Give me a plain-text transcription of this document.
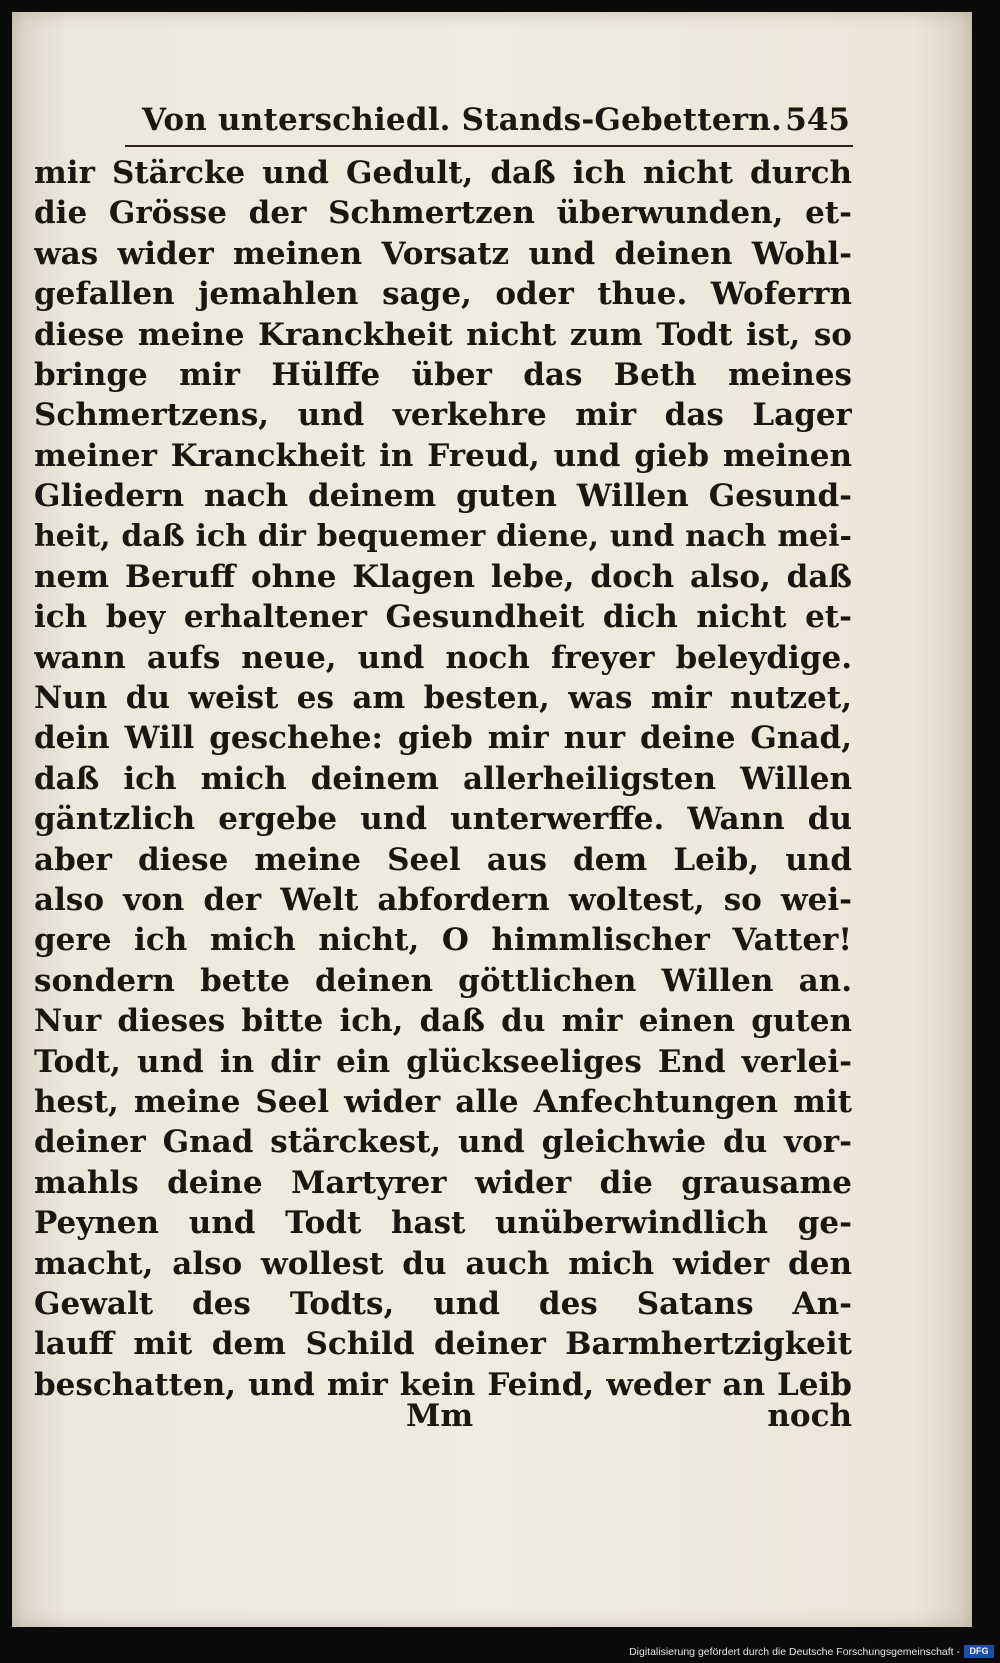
Von unterschiedl. Stands-Gebettern. 545
mir Stärcke und Gedult, daß ich nicht durch
die Grösse der Schmertzen überwunden, et-
was wider meinen Vorsatz und deinen Wohl-
gefallen jemahlen sage, oder thue. Woferrn
diese meine Kranckheit nicht zum Todt ist, so
bringe mir Hülffe über das Beth meines
Schmertzens, und verkehre mir das Lager
meiner Kranckheit in Freud, und gieb meinen
Gliedern nach deinem guten Willen Gesund-
heit, daß ich dir bequemer diene, und nach mei-
nem Beruff ohne Klagen lebe, doch also, daß
ich bey erhaltener Gesundheit dich nicht et-
wann aufs neue, und noch freyer beleydige.
Nun du weist es am besten, was mir nutzet,
dein Will geschehe: gieb mir nur deine Gnad,
daß ich mich deinem allerheiligsten Willen
gäntzlich ergebe und unterwerffe. Wann du
aber diese meine Seel aus dem Leib, und
also von der Welt abfordern woltest, so wei-
gere ich mich nicht, O himmlischer Vatter!
sondern bette deinen göttlichen Willen an.
Nur dieses bitte ich, daß du mir einen guten
Todt, und in dir ein glückseeliges End verlei-
hest, meine Seel wider alle Anfechtungen mit
deiner Gnad stärckest, und gleichwie du vor-
mahls deine Martyrer wider die grausame
Peynen und Todt hast unüberwindlich ge-
macht, also wollest du auch mich wider den
Gewalt des Todts, und des Satans An-
lauff mit dem Schild deiner Barmhertzigkeit
beschatten, und mir kein Feind, weder an Leib
Mm	noch
Digitalisierung gefördert durch die Deutsche Forschungsgemeinschaft -	DFG
